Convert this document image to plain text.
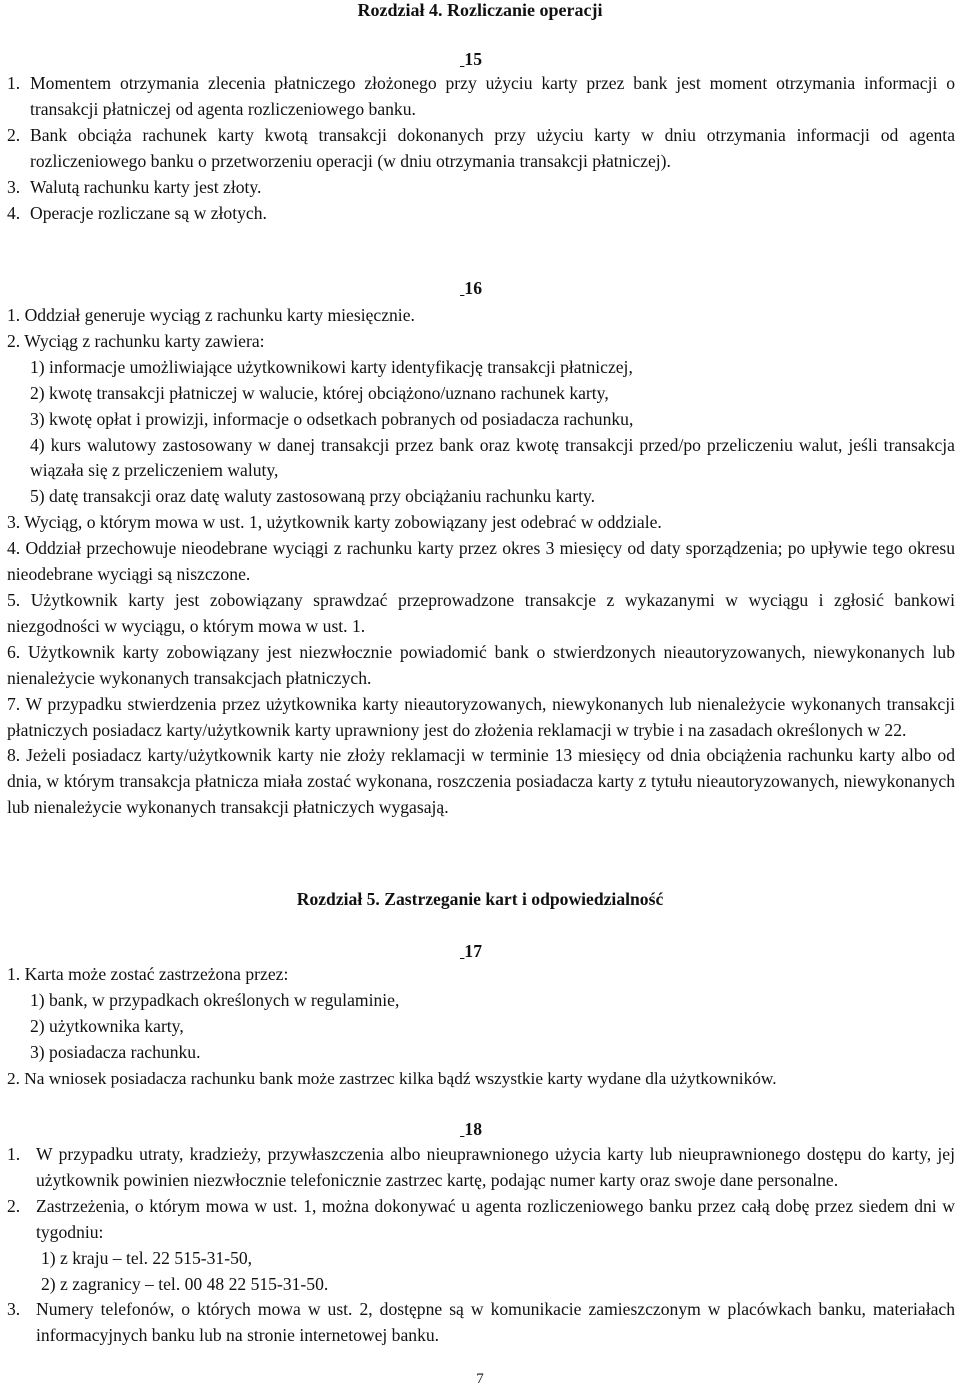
Rozdział 4. Rozliczanie operacji
15
1. Momentem otrzymania zlecenia płatniczego złożonego przy użyciu karty przez bank jest moment otrzymania informacji o transakcji płatniczej od agenta rozliczeniowego banku.

2. Bank obciąża rachunek karty kwotą transakcji dokonanych przy użyciu karty w dniu otrzymania informacji od agenta rozliczeniowego banku o przetworzeniu operacji (w dniu otrzymania transakcji płatniczej).

3. Walutą rachunku karty jest złoty.

4. Operacje rozliczane są w złotych.

16

1. Oddział generuje wyciąg z rachunku karty miesięcznie.

2. Wyciąg z rachunku karty zawiera:

1) informacje umożliwiające użytkownikowi karty identyfikację transakcji płatniczej,

2) kwotę transakcji płatniczej w walucie, której obciążono/uznano rachunek karty,

3) kwotę opłat i prowizji, informacje o odsetkach pobranych od posiadacza rachunku,

4) kurs walutowy zastosowany w danej transakcji przez bank oraz kwotę transakcji przed/po przeliczeniu walut, jeśli transakcja wiązała się z przeliczeniem waluty,

5) datę transakcji oraz datę waluty zastosowaną przy obciążaniu rachunku karty.

3. Wyciąg, o którym mowa w ust. 1, użytkownik karty zobowiązany jest odebrać w oddziale.

4. Oddział przechowuje nieodebrane wyciągi z rachunku karty przez okres 3 miesięcy od daty sporządzenia; po upływie tego okresu nieodebrane wyciągi są niszczone.

5. Użytkownik karty jest zobowiązany sprawdzać przeprowadzone transakcje z wykazanymi w wyciągu i zgłosić bankowi niezgodności w wyciągu, o którym mowa w ust. 1.

6. Użytkownik karty zobowiązany jest niezwłocznie powiadomić bank o stwierdzonych nieautoryzowanych, niewykonanych lub nienależycie wykonanych transakcjach płatniczych.

7. W przypadku stwierdzenia przez użytkownika karty nieautoryzowanych, niewykonanych lub nienależycie wykonanych transakcji płatniczych posiadacz karty/użytkownik karty uprawniony jest do złożenia reklamacji w trybie i na zasadach określonych w 22.

8. Jeżeli posiadacz karty/użytkownik karty nie złoży reklamacji w terminie 13 miesięcy od dnia obciążenia rachunku karty albo od dnia, w którym transakcja płatnicza miała zostać wykonana, roszczenia posiadacza karty z tytułu nieautoryzowanych, niewykonanych lub nienależycie wykonanych transakcji płatniczych wygasają.

Rozdział 5. Zastrzeganie kart i odpowiedzialność
17

1. Karta może zostać zastrzeżona przez:

1) bank, w przypadkach określonych w regulaminie,

2) użytkownika karty,

3) posiadacza rachunku.

2. Na wniosek posiadacza rachunku bank może zastrzec kilka bądź wszystkie karty wydane dla użytkowników.

18
1. W przypadku utraty, kradzieży, przywłaszczenia albo nieuprawnionego użycia karty lub nieuprawnionego dostępu do karty, jej użytkownik powinien niezwłocznie telefonicznie zastrzec kartę, podając numer karty oraz swoje dane personalne.

2. Zastrzeżenia, o którym mowa w ust. 1, można dokonywać u agenta rozliczeniowego banku przez całą dobę przez siedem dni w tygodniu:

1) z kraju – tel. 22 515-31-50,

2) z zagranicy – tel. 00 48 22 515-31-50.

3. Numery telefonów, o których mowa w ust. 2, dostępne są w komunikacie zamieszczonym w placówkach banku, materiałach informacyjnych banku lub na stronie internetowej banku.

7
